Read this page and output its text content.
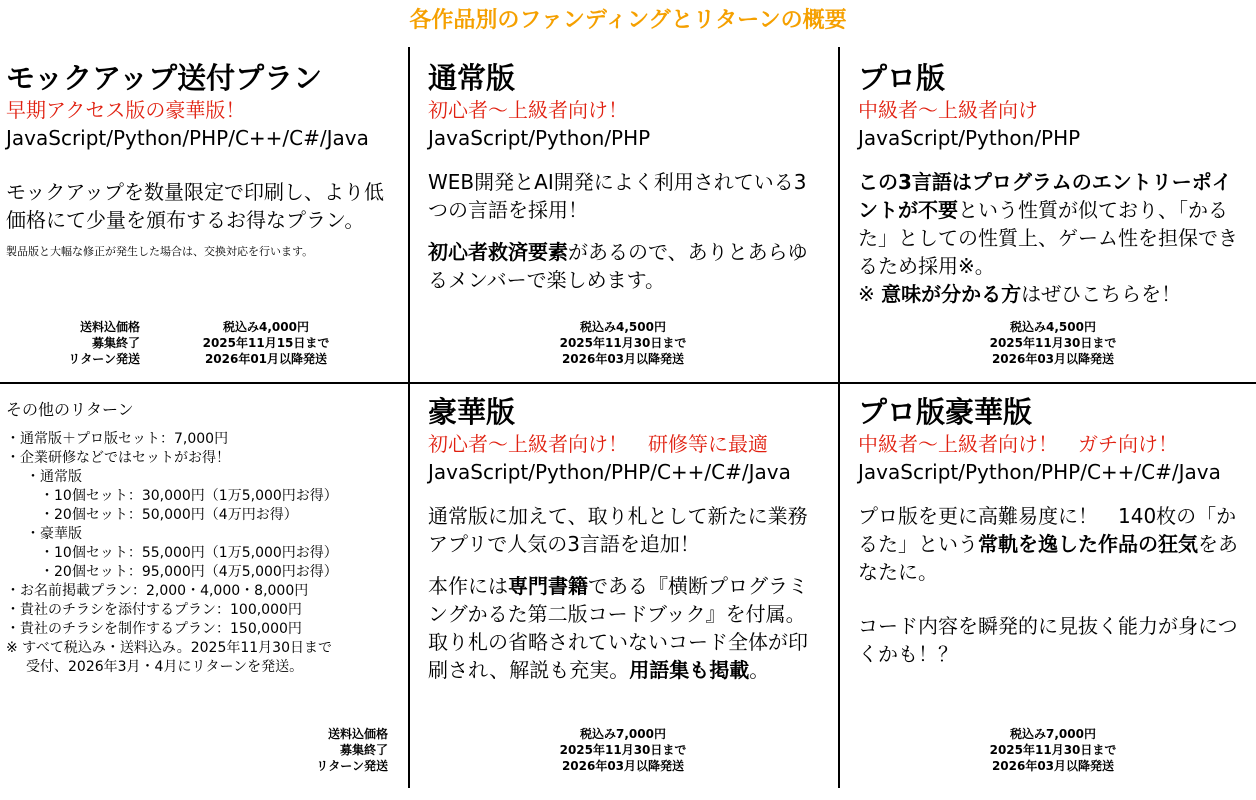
各作品別のファンディングとリターンの概要
モックアップ送付プラン
早期アクセス版の豪華版！
JavaScript/Python/PHP/C++/C#/Java
モックアップを数量限定で印刷し、より低価格にて少量を頒布するお得なプラン。
製品版と大幅な修正が発生した場合は、交換対応を行います。
送料込価格
募集終了
リターン発送
税込み4,000円
2025年11月15日まで
2026年01月以降発送
通常版
初心者～上級者向け！
JavaScript/Python/PHP

WEB開発とAI開発によく利用されている3つの言語を採用！

初心者救済要素があるので、ありとあらゆるメンバーで楽しめます。

税込み4,500円
2025年11月30日まで
2026年03月以降発送
プロ版
中級者～上級者向け
JavaScript/Python/PHP
この3言語はプログラムのエントリーポイントが不要という性質が似ており、「かるた」としての性質上、ゲーム性を担保できるため採用※。
※ 意味が分かる方はぜひこちらを！
税込み4,500円
2025年11月30日まで
2026年03月以降発送
その他のリターン
・通常版＋プロ版セット：7,000円
・企業研修などではセットがお得！
・通常版
・10個セット：30,000円（1万5,000円お得）
・20個セット：50,000円（4万円お得）
・豪華版
・10個セット：55,000円（1万5,000円お得）
・20個セット：95,000円（4万5,000円お得）
・お名前掲載プラン：2,000・4,000・8,000円
・貴社のチラシを添付するプラン：100,000円
・貴社のチラシを制作するプラン：150,000円
※ すべて税込み・送料込み。2025年11月30日まで
受付、2026年3月・4月にリターンを発送。
送料込価格
募集終了
リターン発送
豪華版
初心者～上級者向け！　研修等に最適
JavaScript/Python/PHP/C++/C#/Java

通常版に加えて、取り札として新たに業務アプリで人気の3言語を追加！

本作には専門書籍である『横断プログラミングかるた第二版コードブック』を付属。取り札の省略されていないコード全体が印刷され、解説も充実。用語集も掲載。

税込み7,000円
2025年11月30日まで
2026年03月以降発送
プロ版豪華版
中級者～上級者向け！　ガチ向け！
JavaScript/Python/PHP/C++/C#/Java
プロ版を更に高難易度に！　140枚の「かるた」という常軌を逸した作品の狂気をあなたに。
コード内容を瞬発的に見抜く能力が身につくかも！？
税込み7,000円
2025年11月30日まで
2026年03月以降発送
